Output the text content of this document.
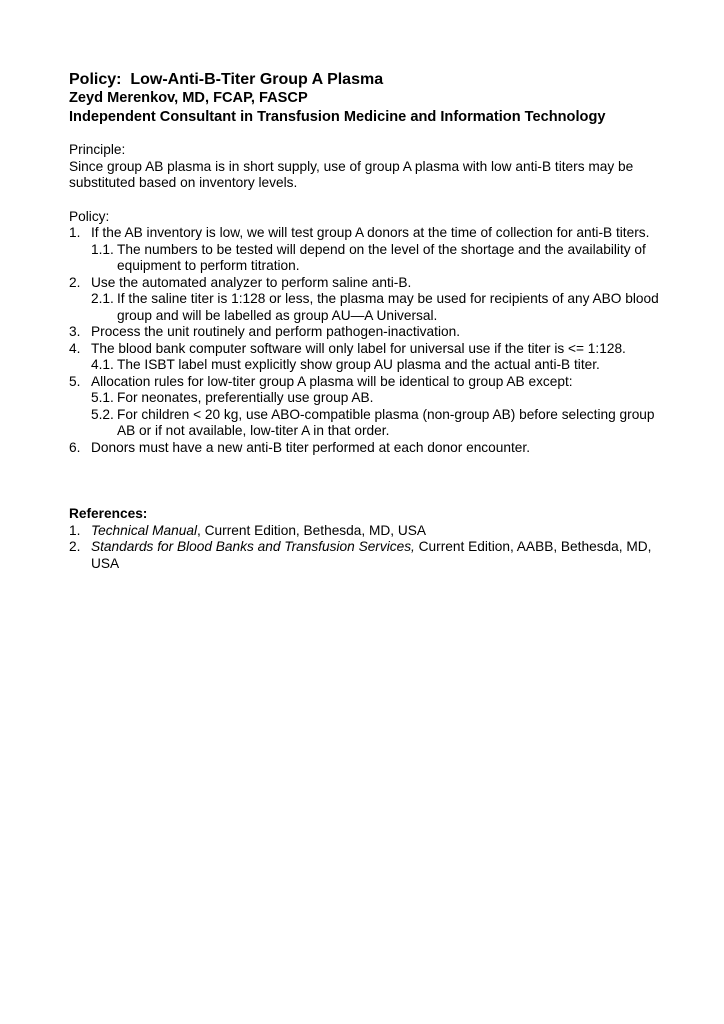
Policy:  Low-Anti-B-Titer Group A Plasma
Zeyd Merenkov, MD, FCAP, FASCP
Independent Consultant in Transfusion Medicine and Information Technology
Principle:
Since group AB plasma is in short supply, use of group A plasma with low anti-B titers may be substituted based on inventory levels.
Policy:
1. If the AB inventory is low, we will test group A donors at the time of collection for anti-B titers.
1.1. The numbers to be tested will depend on the level of the shortage and the availability of equipment to perform titration.
2. Use the automated analyzer to perform saline anti-B.
2.1. If the saline titer is 1:128 or less, the plasma may be used for recipients of any ABO blood group and will be labelled as group AU—A Universal.
3. Process the unit routinely and perform pathogen-inactivation.
4. The blood bank computer software will only label for universal use if the titer is <= 1:128.
4.1. The ISBT label must explicitly show group AU plasma and the actual anti-B titer.
5. Allocation rules for low-titer group A plasma will be identical to group AB except:
5.1. For neonates, preferentially use group AB.
5.2. For children < 20 kg, use ABO-compatible plasma (non-group AB) before selecting group AB or if not available, low-titer A in that order.
6. Donors must have a new anti-B titer performed at each donor encounter.
References:
1. Technical Manual, Current Edition, Bethesda, MD, USA
2. Standards for Blood Banks and Transfusion Services, Current Edition, AABB, Bethesda, MD, USA
